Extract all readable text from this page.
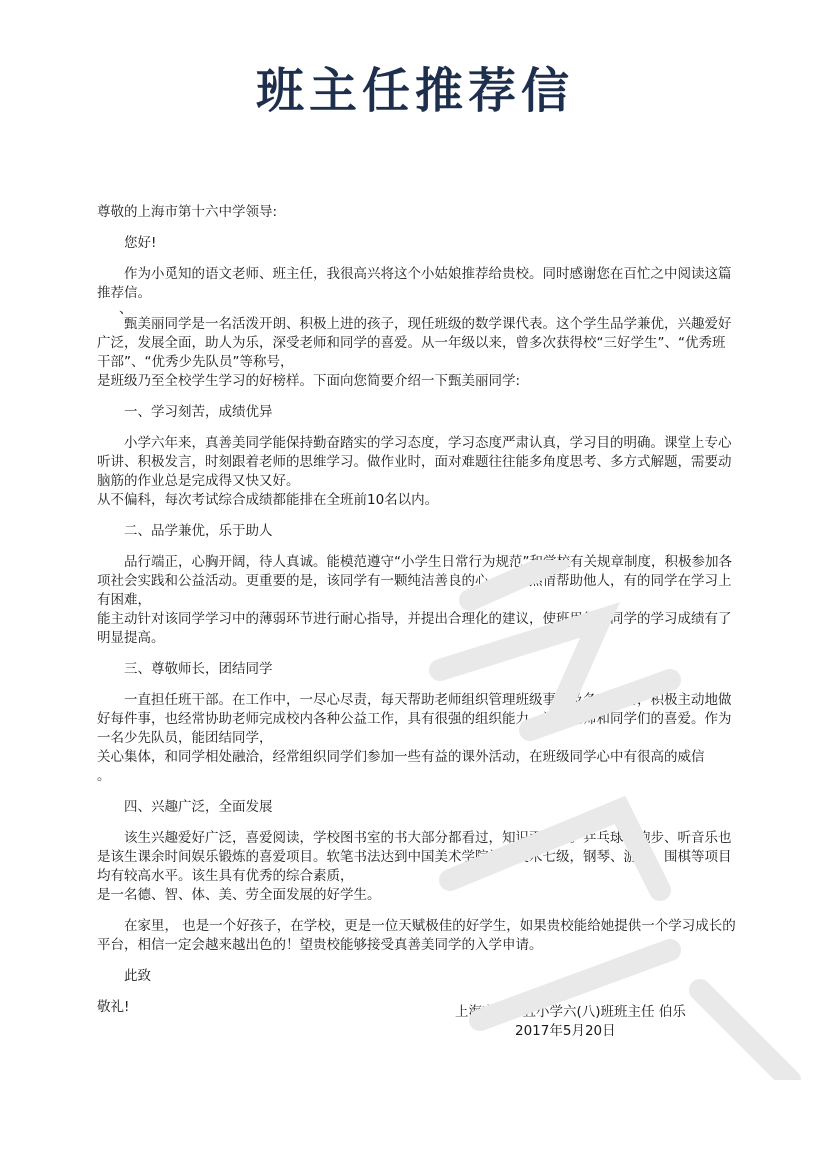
班主任推荐信

尊敬的上海市第十六中学领导:

您好!

作为小觅知的语文老师、班主任，我很高兴将这个小姑娘推荐给贵校。同时感谢您在百忙之中阅读这篇推荐信。

、

甄美丽同学是一名活泼开朗、积极上进的孩子，现任班级的数学课代表。这个学生品学兼优，兴趣爱好广泛，发展全面，助人为乐，深受老师和同学的喜爱。从一年级以来，曾多次获得校“三好学生”、“优秀班干部”、“优秀少先队员”等称号，

是班级乃至全校学生学习的好榜样。下面向您简要介绍一下甄美丽同学:

一、学习刻苦，成绩优异

小学六年来，真善美同学能保持勤奋踏实的学习态度，学习态度严肃认真，学习目的明确。课堂上专心听讲、积极发言，时刻跟着老师的思维学习。做作业时，面对难题往往能多角度思考、多方式解题，需要动脑筋的作业总是完成得又快又好。

从不偏科，每次考试综合成绩都能排在全班前10名以内。

二、品学兼优，乐于助人

品行端正，心胸开阔，待人真诚。能模范遵守“小学生日常行为规范”和学校有关规章制度，积极参加各项社会实践和公益活动。更重要的是，该同学有一颗纯洁善良的心，经常热情帮助他人，有的同学在学习上有困难，

能主动针对该同学学习中的薄弱环节进行耐心指导，并提出合理化的建议，使班里很多同学的学习成绩有了明显提高。

三、尊敬师长，团结同学

一直担任班干部。在工作中，一尽心尽责，每天帮助老师组织管理班级事务及各项活动，积极主动地做好每件事，也经常协助老师完成校内各种公益工作，具有很强的组织能力，深得老师和同学们的喜爱。作为一名少先队员，能团结同学，

关心集体，和同学相处融洽，经常组织同学们参加一些有益的课外活动，在班级同学心中有很高的威信

。

四、兴趣广泛，全面发展

该生兴趣爱好广泛，喜爱阅读，学校图书室的书大部分都看过，知识面较宽。乒乓球、跑步、听音乐也是该生课余时间娱乐锻炼的喜爱项目。软笔书法达到中国美术学院社会美术七级，钢琴、游泳、围棋等项目均有较高水平。该生具有优秀的综合素质，

是一名德、智、体、美、劳全面发展的好学生。

在家里， 也是一个好孩子，在学校，更是一位天赋极佳的好学生，如果贵校能给她提供一个学习成长的平台，相信一定会越来越出色的！望贵校能够接受真善美同学的入学申请。

此致

敬礼!	上海市第十五小学六(八)班班主任 伯乐
2017年5月20日
